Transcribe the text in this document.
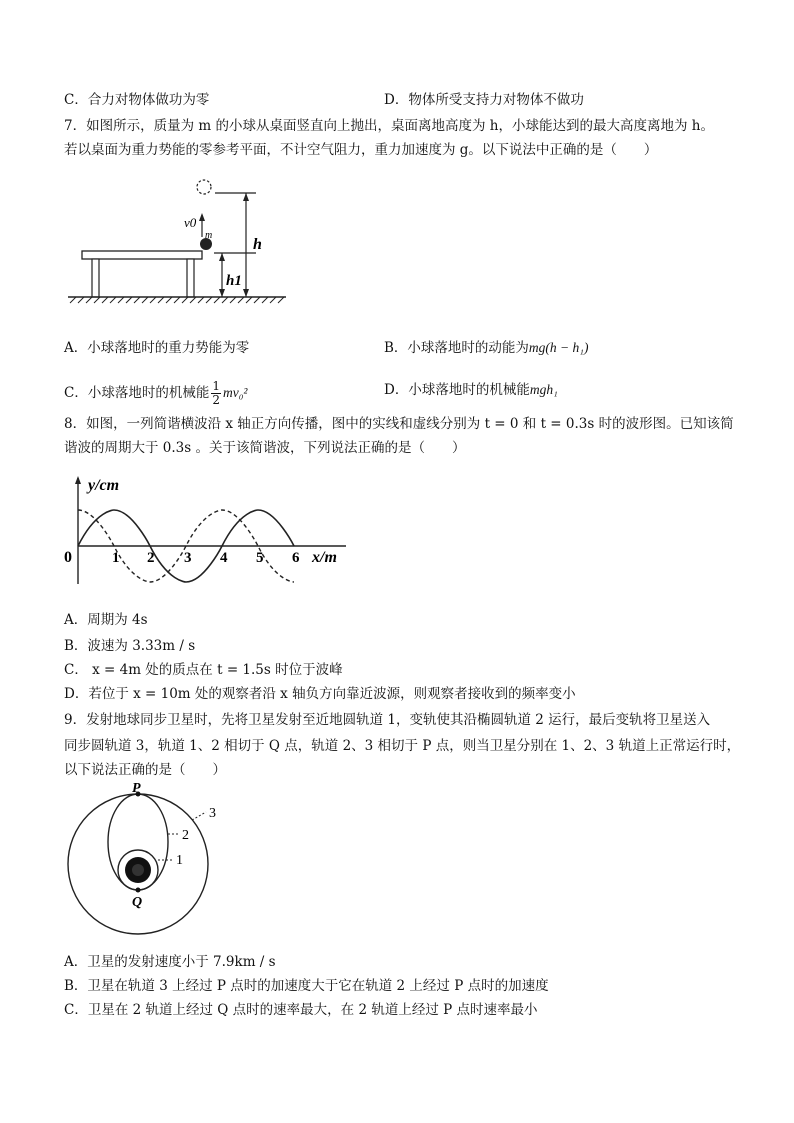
C．合力对物体做功为零	D．物体所受支持力对物体不做功
7．如图所示，质量为 m 的小球从桌面竖直向上抛出，桌面离地高度为 h，小球能达到的最大高度离地为 h。
若以桌面为重力势能的零参考平面，不计空气阻力，重力加速度为 g。以下说法中正确的是（　　）
h
v0
m
h1
A．小球落地时的重力势能为零	B．小球落地时的动能为mg(h − h₁)
C．小球落地时的机械能 $\frac{1}{2} mv_0^2$	D．小球落地时的机械能mgh₁
8．如图，一列简谐横波沿 x 轴正方向传播，图中的实线和虚线分别为 t = 0 和 t = 0.3s 时的波形图。已知该简
谐波的周期大于 0.3s 。关于该简谐波，下列说法正确的是（　　）
y/cm
x/m
0	1 2 3 4 5 6
A．周期为 4s
B．波速为 3.33m / s
C． x = 4m 处的质点在 t = 1.5s 时位于波峰
D．若位于 x = 10m 处的观察者沿 x 轴负方向靠近波源，则观察者接收到的频率变小
9．发射地球同步卫星时，先将卫星发射至近地圆轨道 1，变轨使其沿椭圆轨道 2 运行，最后变轨将卫星送入
同步圆轨道 3，轨道 1、2 相切于 Q 点，轨道 2、3 相切于 P 点，则当卫星分别在 1、2、3 轨道上正常运行时，
以下说法正确的是（　　）
P
Q
3
2
1
A．卫星的发射速度小于 7.9km / s
B．卫星在轨道 3 上经过 P 点时的加速度大于它在轨道 2 上经过 P 点时的加速度
C．卫星在 2 轨道上经过 Q 点时的速率最大，在 2 轨道上经过 P 点时速率最小
